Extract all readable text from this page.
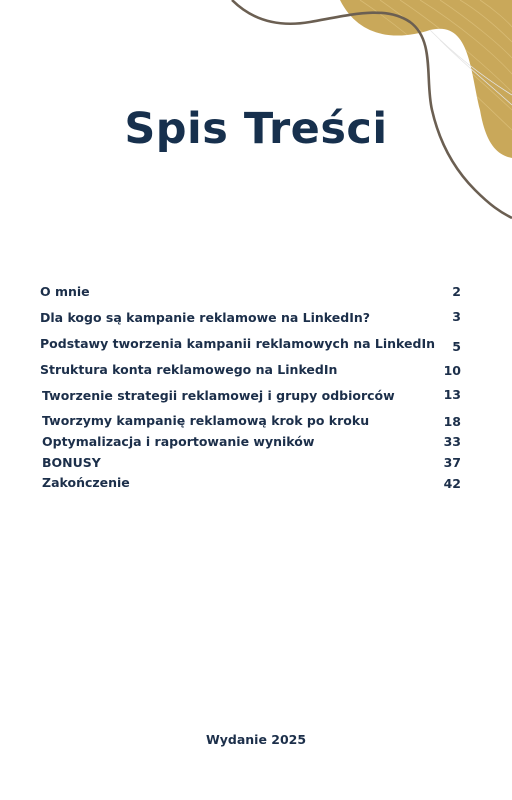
Spis Treści
O mnie	2
Dla kogo są kampanie reklamowe na LinkedIn?	3
Podstawy tworzenia kampanii reklamowych na LinkedIn 5
Struktura konta reklamowego na LinkedIn	10
Tworzenie strategii reklamowej i grupy odbiorców	13
Tworzymy kampanię reklamową krok po kroku	18
Optymalizacja i raportowanie wyników	33
BONUSY	37
Zakończenie	42
Wydanie 2025
